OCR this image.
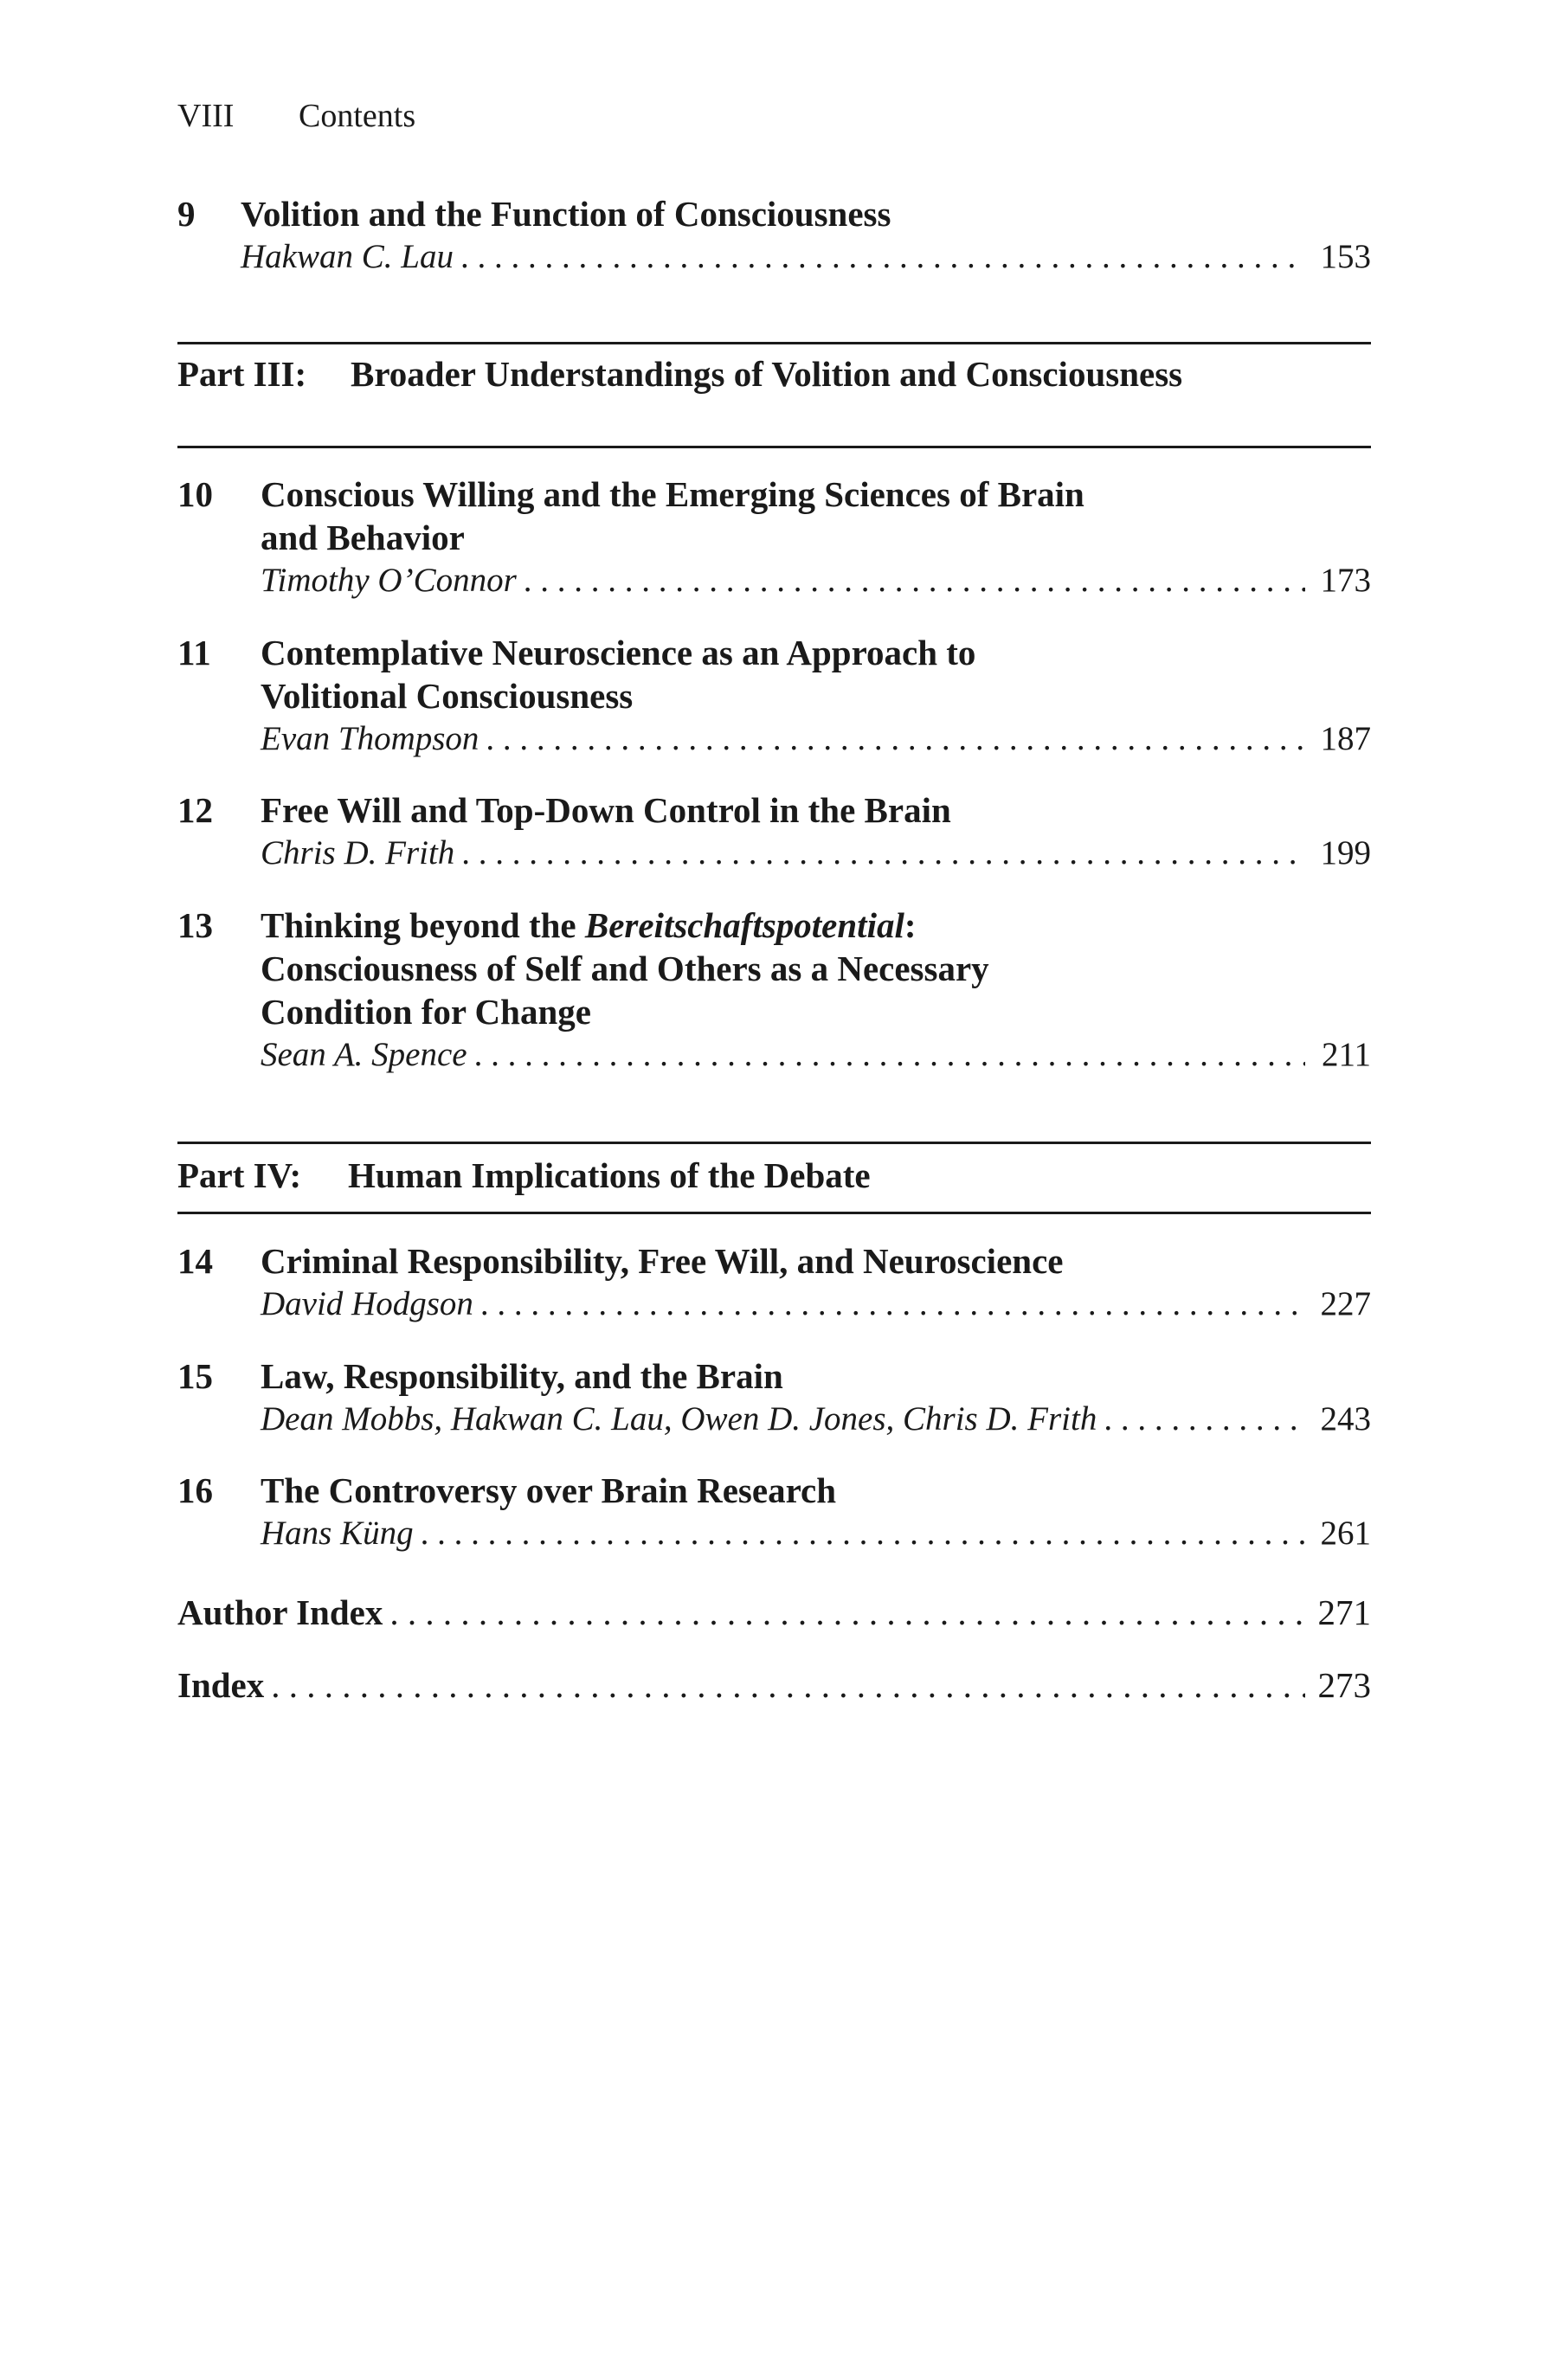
VIII Contents
9 Volition and the Function of Consciousness
Hakwan C. Lau . . .	153
Part III: Broader Understandings of Volition and Consciousness
10 Conscious Willing and the Emerging Sciences of Brain
and Behavior
Timothy O’Connor . . .	173
11 Contemplative Neuroscience as an Approach to
Volitional Consciousness
Evan Thompson . . .	187
12 Free Will and Top-Down Control in the Brain
Chris D. Frith . . .	199
13 Thinking beyond the Bereitschaftspotential:
Consciousness of Self and Others as a Necessary
Condition for Change
Sean A. Spence . . .	211
Part IV: Human Implications of the Debate
14 Criminal Responsibility, Free Will, and Neuroscience
David Hodgson . . .	227
15 Law, Responsibility, and the Brain
Dean Mobbs, Hakwan C. Lau, Owen D. Jones, Chris D. Frith . . .	243
16 The Controversy over Brain Research
Hans Küng . . .	261
Author Index . . .	271
Index . . .	273
